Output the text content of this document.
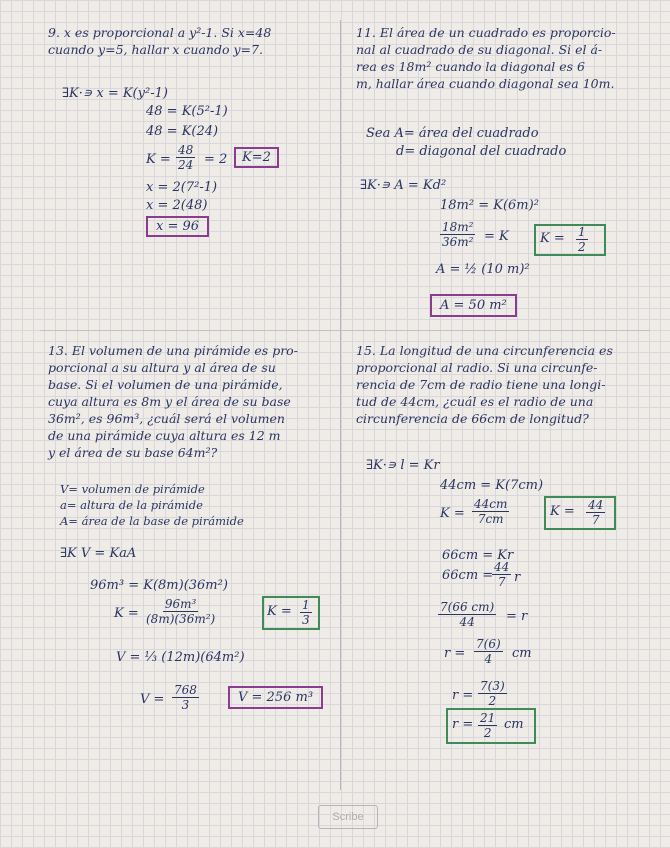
9. x es proporcional a y²-1. Si x=48
cuando y=5, hallar x cuando y=7.
∃K·∍ x = K(y²-1)
48 = K(5²-1)
48 = K(24)
$K = \frac{48}{24} = 2$	K=2
x = 2(7²-1)
x = 2(48)
x = 96
11. El área de un cuadrado es proporcio-
nal al cuadrado de su diagonal. Si el á-
rea es 18m² cuando la diagonal es 6
m, hallar área cuando diagonal sea 10m.
Sea A= área del cuadrado
d= diagonal del cuadrado
∃K·∍ A = Kd²
18m² = K(6m)²
$\frac{\text{18m²}}{\text{36m²}} = K$ $K = \frac{1}{2}$
A = ½ (10 m)²
A = 50 m²
13. El volumen de una pirámide es pro-
porcional a su altura y al área de su
base. Si el volumen de una pirámide,
cuya altura es 8m y el área de su base
36m², es 96m³, ¿cuál será el volumen
de una pirámide cuya altura es 12 m
y el área de su base 64m²?
V= volumen de pirámide
a= altura de la pirámide
A= área de la base de pirámide
∃K V = KaA
96m³ = K(8m)(36m²)
$K = \frac{\text{96m³}}{\text{(8m)(36m²)}}$	$K = \frac{1}{3}$
V = ⅓ (12m)(64m²)
$V = \frac{768}{3}$	V = 256 m³
15. La longitud de una circunferencia es
proporcional al radio. Si una circunfe-
rencia de 7cm de radio tiene una longi-
tud de 44cm, ¿cuál es el radio de una
circunferencia de 66cm de longitud?
∃K·∍ l = Kr
44cm = K(7cm)
$K = \frac{44cm}{7cm}$	$K = \frac{44}{7}$
66cm = Kr
66cm =
$\frac{44}{7}$ r
$\frac{7(66 cm)}{44} = r$
$r = \frac{7(6)}{4}$ cm
$r = \frac{7(3)}{2}$
$r = \frac{21}{2}$ cm
Scribe
